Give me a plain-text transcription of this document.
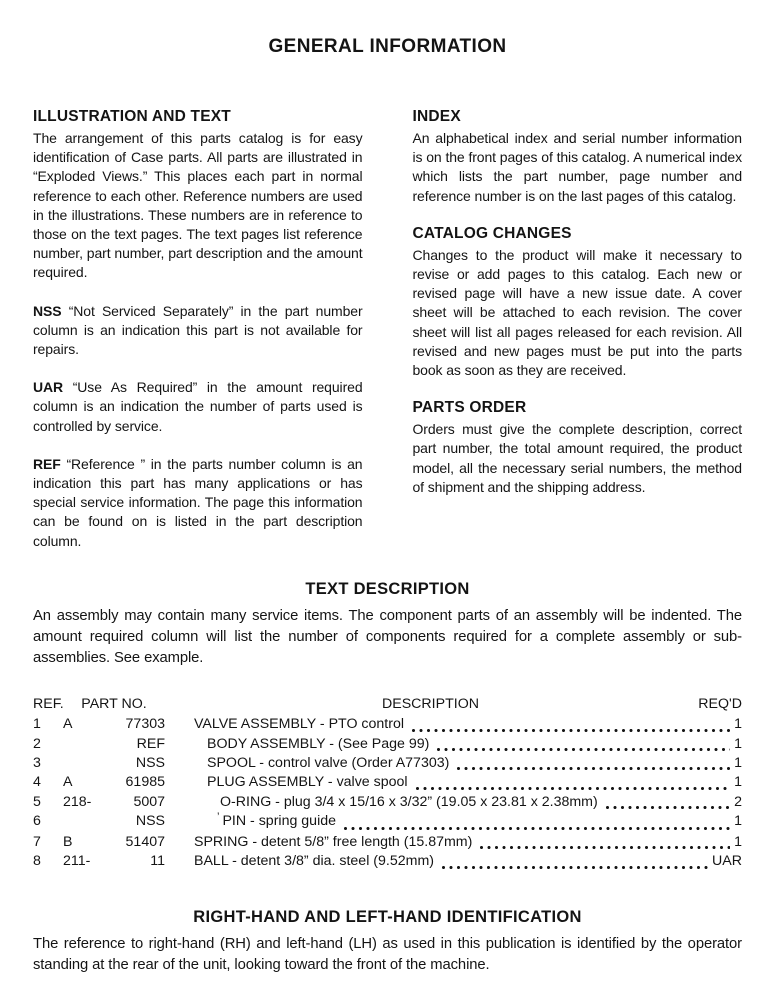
GENERAL INFORMATION
ILLUSTRATION AND TEXT

The arrangement of this parts catalog is for easy identification of Case parts. All parts are illustrated in “Exploded Views.” This places each part in normal reference to each other. Reference numbers are used in the illustrations. These numbers are in reference to those on the text pages. The text pages list reference number, part number, part description and the amount required.

NSS “Not Serviced Separately” in the part number column is an indication this part is not available for repairs.

UAR “Use As Required” in the amount required column is an indication the number of parts used is controlled by service.

REF “Reference ” in the parts number column is an indication this part has many applications or has special service information. The page this information can be found on is listed in the part description column.

INDEX

An alphabetical index and serial number information is on the front pages of this catalog. A numerical index which lists the part number, page number and reference number is on the last pages of this catalog.

CATALOG CHANGES

Changes to the product will make it necessary to revise or add pages to this catalog. Each new or revised page will have a new issue date. A cover sheet will be attached to each revision. The cover sheet will list all pages released for each revision. All revised and new pages must be put into the parts book as soon as they are received.

PARTS ORDER

Orders must give the complete description, correct part number, the total amount required, the product model, all the necessary serial numbers, the method of shipment and the shipping address.

TEXT DESCRIPTION

An assembly may contain many service items. The component parts of an assembly will be indented. The amount required column will list the number of components required for a complete assembly or sub-assemblies. See example.

REF.	PART NO.	DESCRIPTION	REQ'D
1	A	77303 VALVE ASSEMBLY - PTO control	1
2	REF	BODY ASSEMBLY - (See Page 99)	1
3	NSS	SPOOL - control valve (Order A77303)	1
4	A	61985	PLUG ASSEMBLY - valve spool	1
5	218-	5007	O-RING - plug 3/4 x 15/16 x 3/32” (19.05 x 23.81 x 2.38mm)	2
6	NSS	’ PIN - spring guide	1
7	B	51407 SPRING - detent 5/8” free length (15.87mm)	1
8	211-	11 BALL - detent 3/8” dia. steel (9.52mm)	UAR
RIGHT-HAND AND LEFT-HAND IDENTIFICATION

The reference to right-hand (RH) and left-hand (LH) as used in this publication is identified by the operator standing at the rear of the unit, looking toward the front of the machine.
